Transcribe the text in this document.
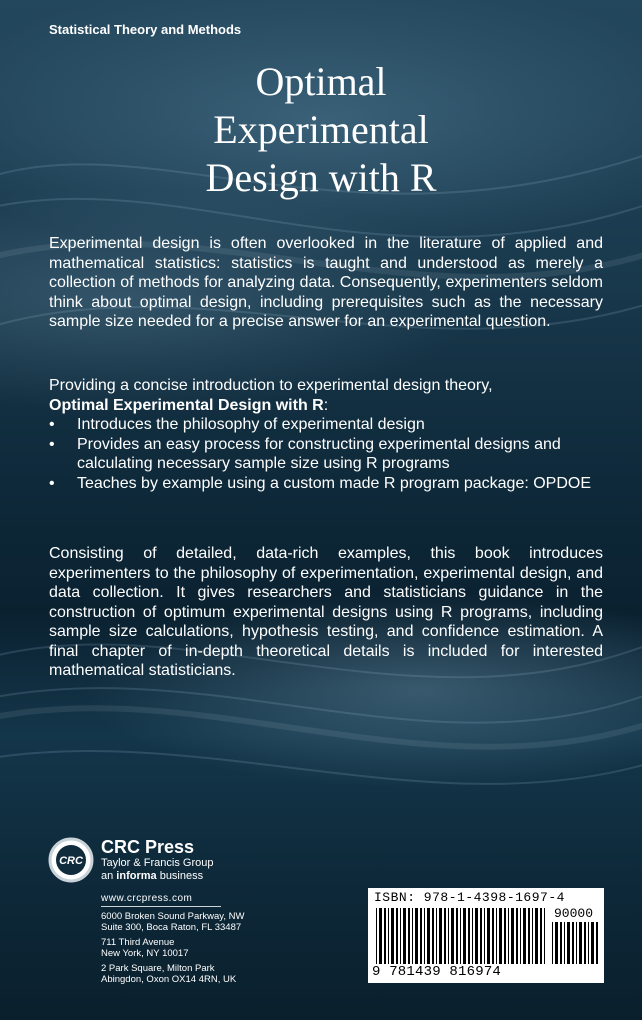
Statistical Theory and Methods
Optimal
Experimental
Design with R
Experimental design is often overlooked in the literature of applied and mathematical statistics: statistics is taught and understood as merely a collection of methods for analyzing data. Consequently, experimenters seldom think about optimal design, including prerequisites such as the necessary sample size needed for a precise answer for an experimental question.
Providing a concise introduction to experimental design theory,
Optimal Experimental Design with R:
• Introduces the philosophy of experimental design
• Provides an easy process for constructing experimental designs and calculating necessary sample size using R programs
• Teaches by example using a custom made R program package: OPDOE
Consisting of detailed, data-rich examples, this book introduces experimenters to the philosophy of experimentation, experimental design, and data collection. It gives researchers and statisticians guidance in the construction of optimum experimental designs using R programs, including sample size calculations, hypothesis testing, and confidence estimation. A final chapter of in-depth theoretical details is included for interested mathematical statisticians.
CRC
CRC Press
Taylor & Francis Group
an informa business
www.crcpress.com
6000 Broken Sound Parkway, NW
Suite 300, Boca Raton, FL 33487
711 Third Avenue
New York, NY 10017
2 Park Square, Milton Park
Abingdon, Oxon OX14 4RN, UK
ISBN: 978-1-4398-1697-4
90000
9 781439 816974
